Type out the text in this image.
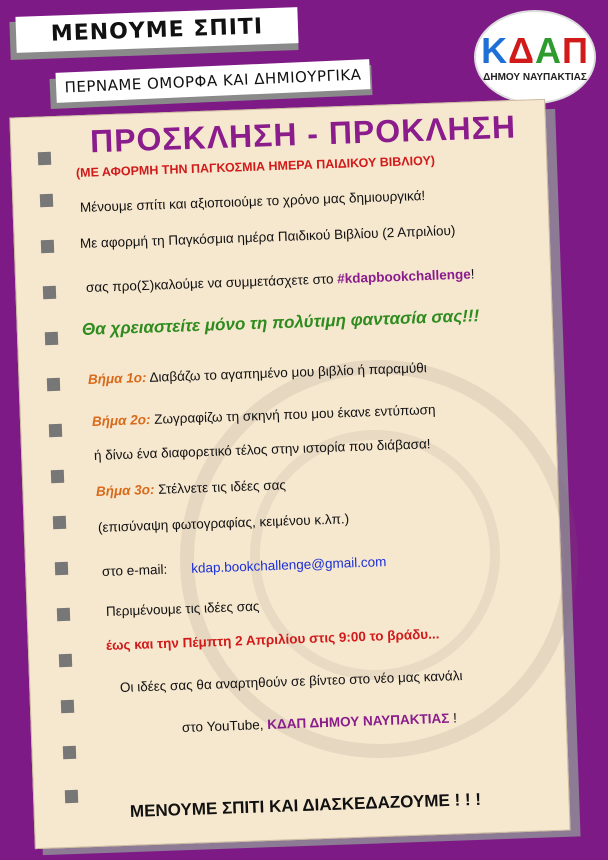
ΜΕΝΟΥΜΕ ΣΠΙΤΙ
ΠΕΡΝΑΜΕ ΟΜΟΡΦΑ ΚΑΙ ΔΗΜΙΟΥΡΓΙΚΑ
ΚΔΑΠ
ΔΗΜΟΥ ΝΑΥΠΑΚΤΙΑΣ
ΠΡΟΣΚΛΗΣΗ - ΠΡΟΚΛΗΣΗ
(ΜΕ ΑΦΟΡΜΗ ΤΗΝ ΠΑΓΚΟΣΜΙΑ ΗΜΕΡΑ ΠΑΙΔΙΚΟΥ ΒΙΒΛΙΟΥ)
Μένουμε σπίτι και αξιοποιούμε το χρόνο μας δημιουργικά!
Με αφορμή τη Παγκόσμια ημέρα Παιδικού Βιβλίου (2 Απριλίου)
σας προ(Σ)καλούμε να συμμετάσχετε στο #kdapbookchallenge!
Θα χρειαστείτε μόνο τη πολύτιμη φαντασία σας!!!
Βήμα 1ο: Διαβάζω το αγαπημένο μου βιβλίο ή παραμύθι
Βήμα 2ο: Ζωγραφίζω τη σκηνή που μου έκανε εντύπωση
ή δίνω ένα διαφορετικό τέλος στην ιστορία που διάβασα!
Βήμα 3ο: Στέλνετε τις ιδέες σας
(επισύναψη φωτογραφίας, κειμένου κ.λπ.)
στο e-mail: kdap.bookchallenge@gmail.com
Περιμένουμε τις ιδέες σας
έως και την Πέμπτη 2 Απριλίου στις 9:00 το βράδυ...
Οι ιδέες σας θα αναρτηθούν σε βίντεο στο νέο μας κανάλι
στο YouTube, ΚΔΑΠ ΔΗΜΟΥ ΝΑΥΠΑΚΤΙΑΣ !
ΜΕΝΟΥΜΕ ΣΠΙΤΙ ΚΑΙ ΔΙΑΣΚΕΔΑΖΟΥΜΕ ! ! !
